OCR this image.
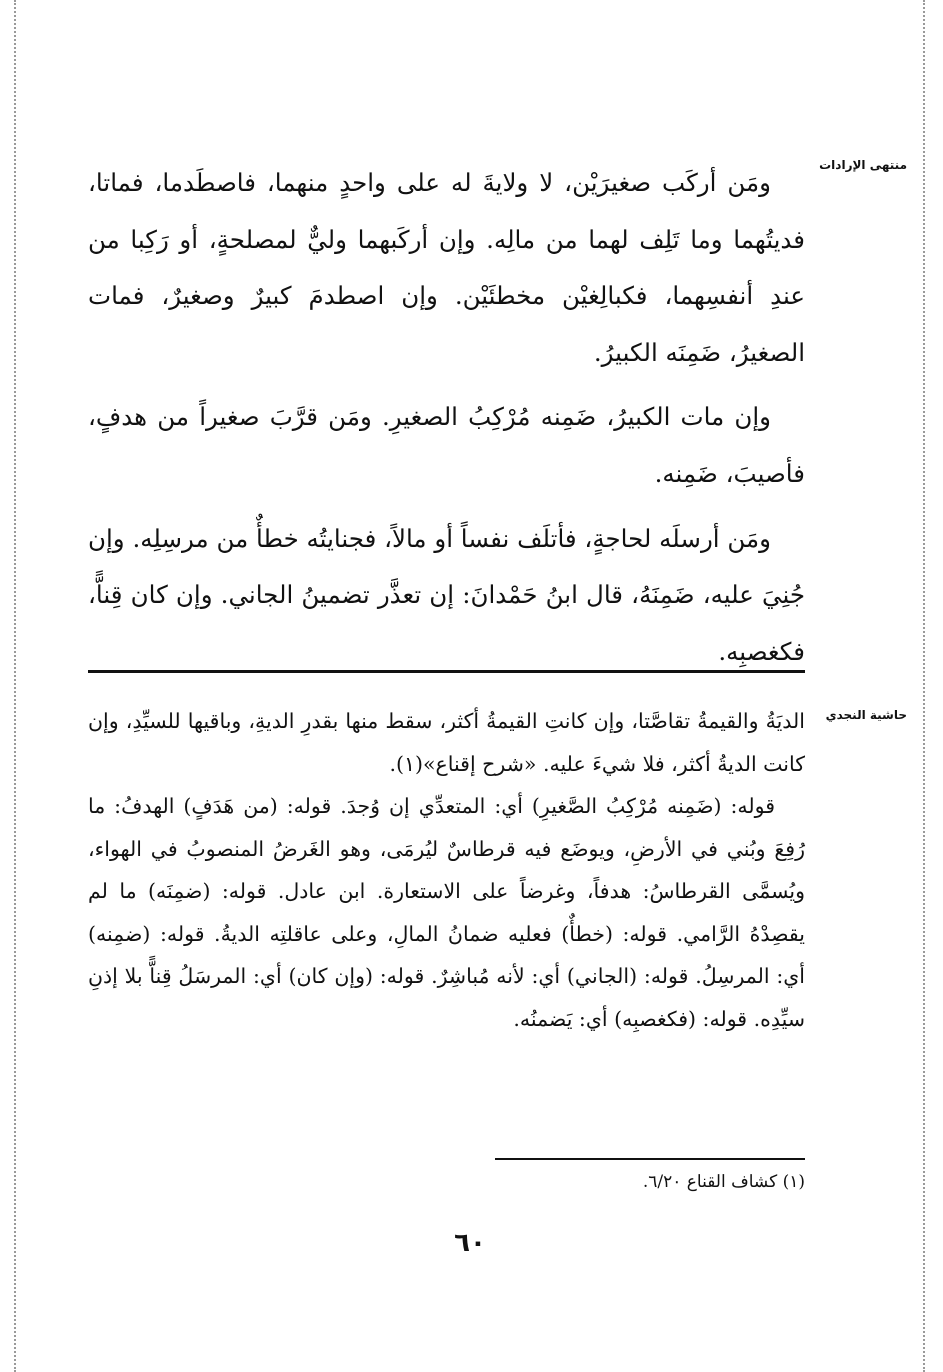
منتهى الإرادات

ومَن أركَب صغيرَيْن، لا ولايةَ له على واحدٍ منهما، فاصطَدما، فماتا، فديتُهما وما تَلِف لهما من مالِه. وإن أركَبهما وليٌّ لمصلحةٍ، أو رَكِبا من عندِ أنفسِهما، فكبالِغيْن مخطئَيْن. وإن اصطدمَ كبيرٌ وصغيرٌ، فمات الصغيرُ، ضَمِنَه الكبيرُ.

وإن مات الكبيرُ، ضَمِنه مُرْكِبُ الصغيرِ. ومَن قرَّبَ صغيراً من هدفٍ، فأصيبَ، ضَمِنه.

ومَن أرسلَه لحاجةٍ، فأتلَف نفساً أو مالاً، فجنايتُه خطأٌ من مرسِلِه. وإن جُنِيَ عليه، ضَمِنَهُ، قال ابنُ حَمْدانَ: إن تعذَّر تضمينُ الجاني. وإن كان قِناًّ، فكغصبِه.

حاشية النجدي

الديَةُ والقيمةُ تقاصَّتا، وإن كانتِ القيمةُ أكثر، سقط منها بقدرِ الديةِ، وباقيها للسيِّدِ، وإن كانت الديةُ أكثر، فلا شيءَ عليه. «شرح إقناع»(١).

قوله: (ضَمِنه مُرْكِبُ الصَّغيرِ) أي: المتعدِّي إن وُجدَ. قوله: (من هَدَفٍ) الهدفُ: ما رُفِعَ وبُني في الأرضِ، ويوضَع فيه قرطاسٌ ليُرمَى، وهو الغَرضُ المنصوبُ في الهواء، ويُسمَّى القرطاسُ: هدفاً، وغرضاً على الاستعارة. ابن عادل. قوله: (ضمِنَه) ما لم يقصِدْهُ الرَّامي. قوله: (خطأٌ) فعليه ضمانُ المالِ، وعلى عاقلتِه الديةُ. قوله: (ضمِنه) أي: المرسِلُ. قوله: (الجاني) أي: لأنه مُباشِرٌ. قوله: (وإن كان) أي: المرسَلُ قِناًّ بلا إذنِ سيِّدِه. قوله: (فكغصبِه) أي: يَضمنُه.

(١) كشاف القناع ٦/٢٠.
٦٠
